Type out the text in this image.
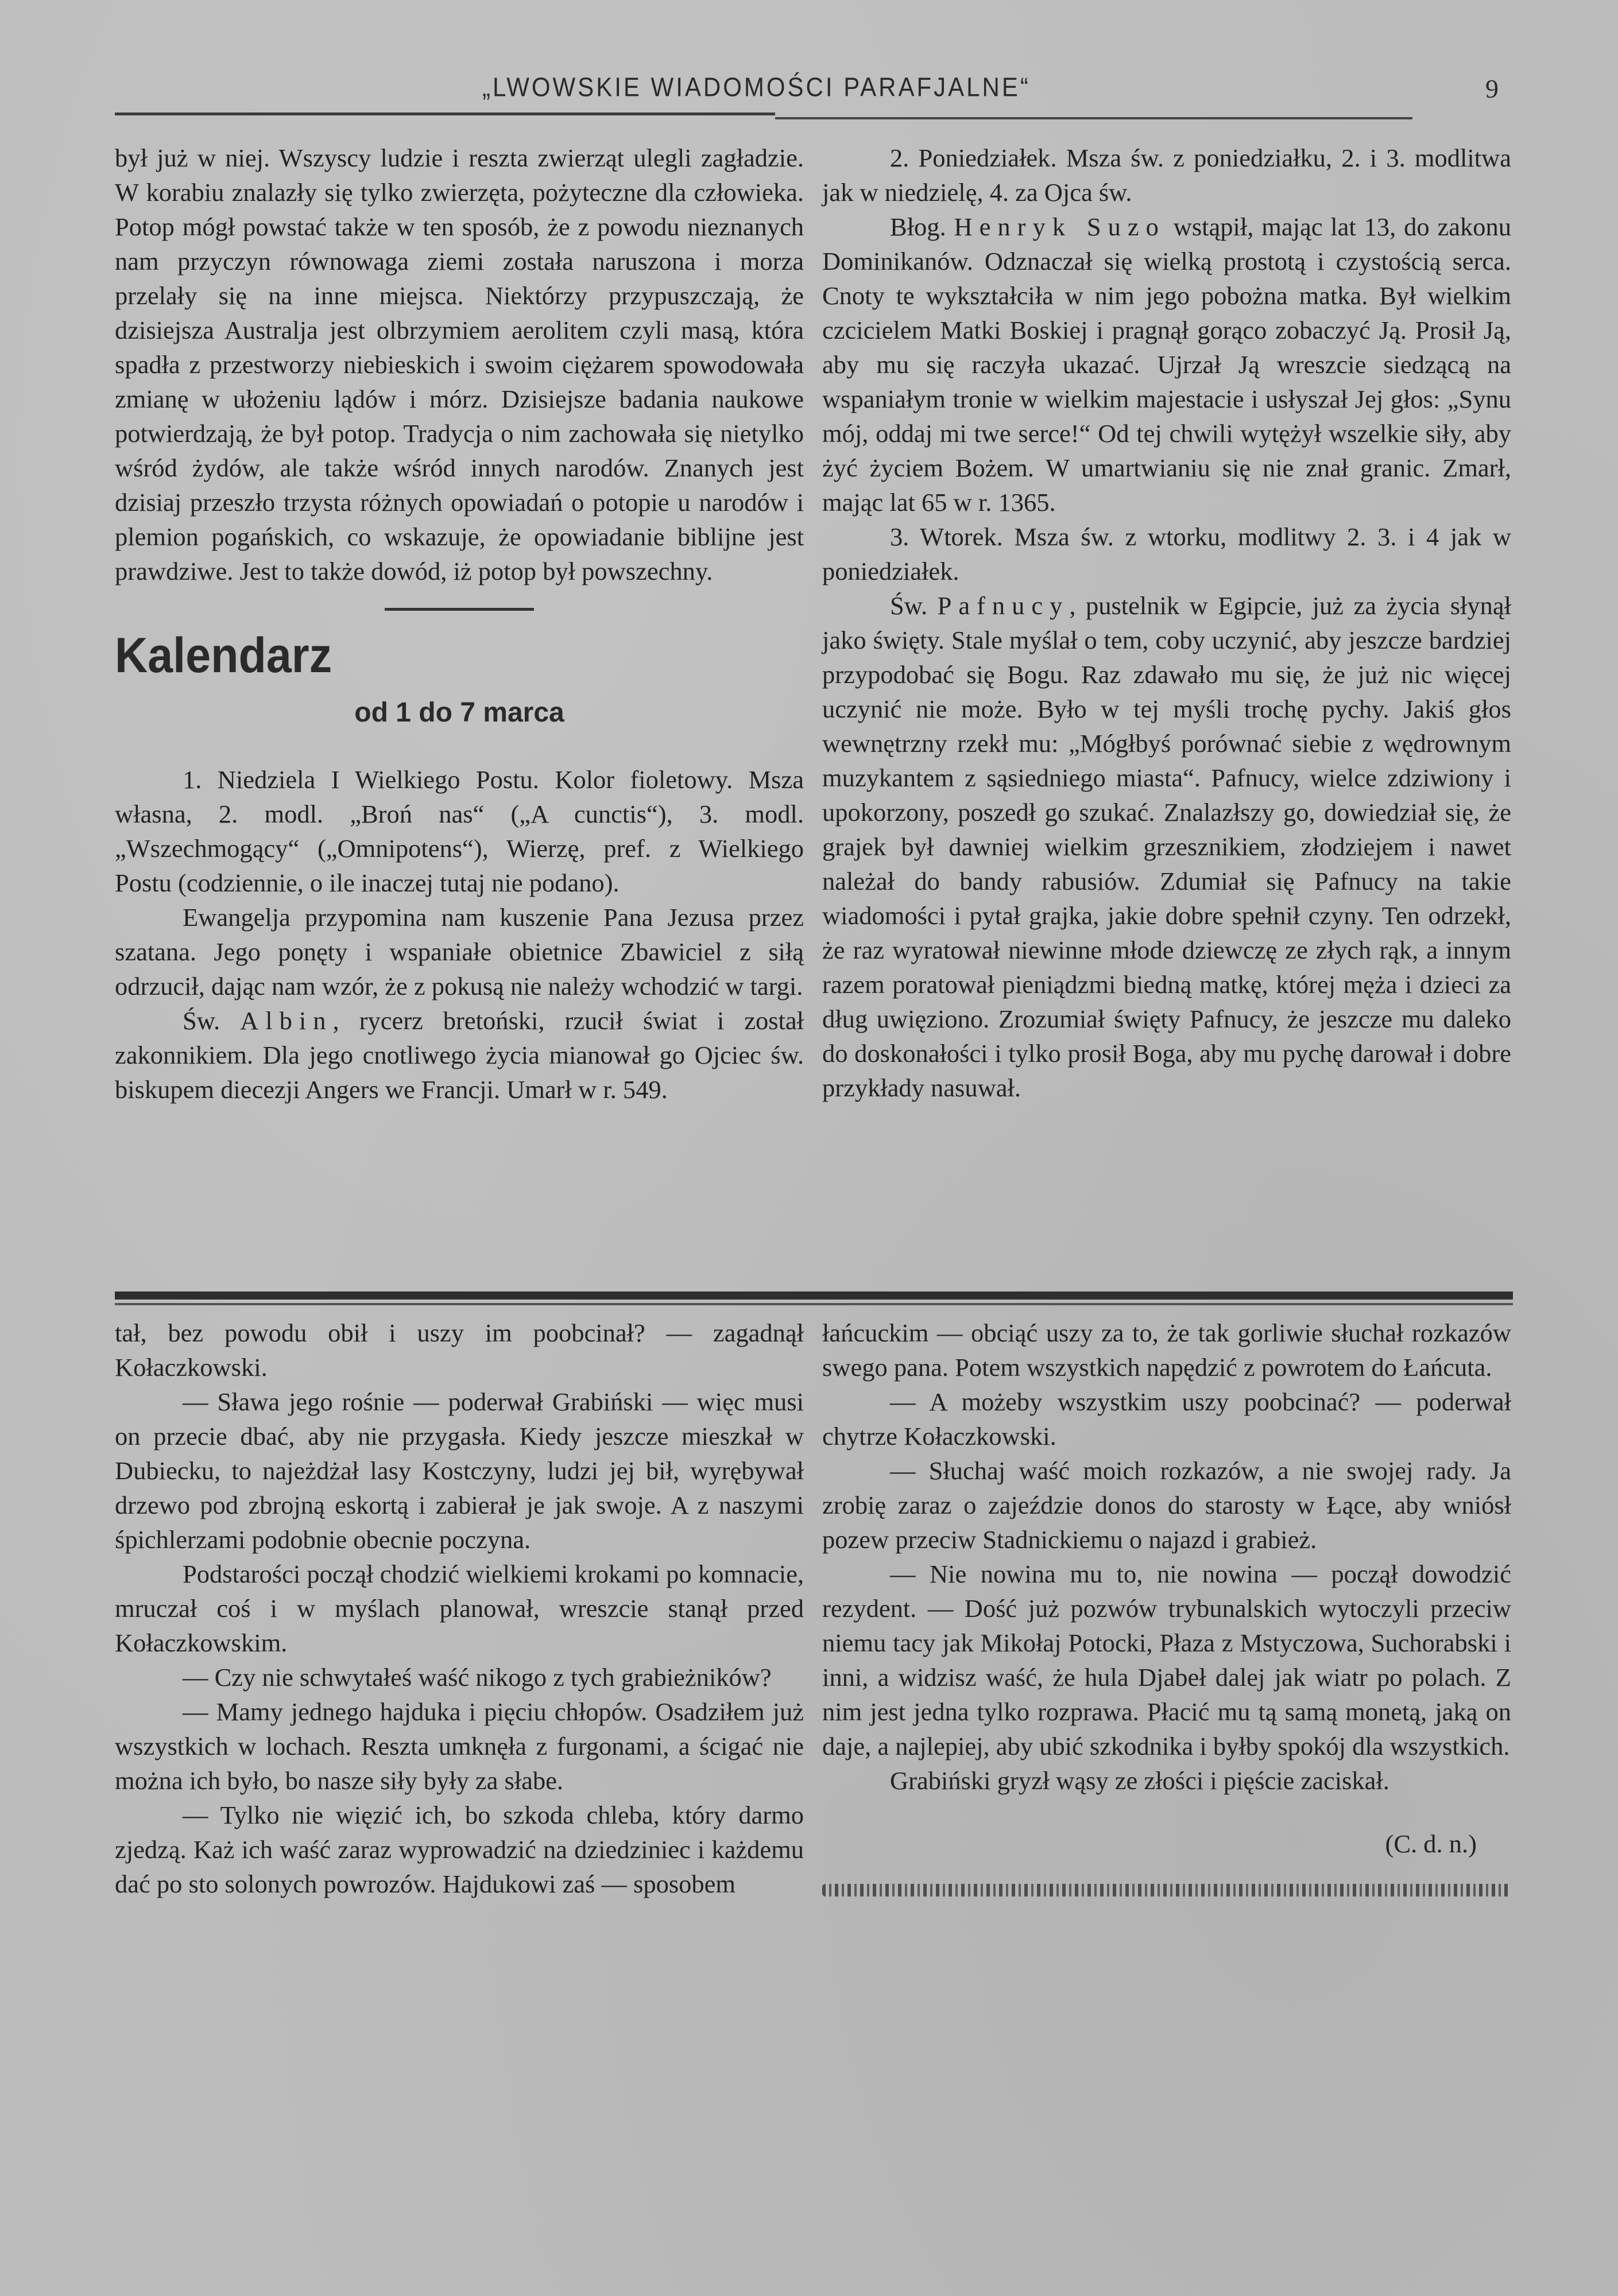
„LWOWSKIE WIADOMOŚCI PARAFJALNE“	9

był już w niej. Wszyscy ludzie i reszta zwierząt ulegli zagładzie. W korabiu znalazły się tylko zwierzęta, pożyteczne dla człowieka. Potop mógł powstać także w ten sposób, że z powodu nieznanych nam przyczyn równowaga ziemi została naruszona i morza przelały się na inne miejsca. Niektórzy przypuszczają, że dzisiejsza Australja jest olbrzymiem aerolitem czyli masą, która spadła z przestworzy niebieskich i swoim ciężarem spowodowała zmianę w ułożeniu lądów i mórz. Dzisiejsze badania naukowe potwierdzają, że był potop. Tradycja o nim zachowała się nietylko wśród żydów, ale także wśród innych narodów. Znanych jest dzisiaj przeszło trzysta różnych opowiadań o potopie u narodów i plemion pogańskich, co wskazuje, że opowiadanie biblijne jest prawdziwe. Jest to także dowód, iż potop był powszechny.

Kalendarz
od 1 do 7 marca

1. Niedziela I Wielkiego Postu. Kolor fioletowy. Msza własna, 2. modl. „Broń nas“ („A cunctis“), 3. modl. „Wszechmogący“ („Omnipotens“), Wierzę, pref. z Wielkiego Postu (codziennie, o ile inaczej tutaj nie podano).

Ewangelja przypomina nam kuszenie Pana Jezusa przez szatana. Jego ponęty i wspaniałe obietnice Zbawiciel z siłą odrzucił, dając nam wzór, że z pokusą nie należy wchodzić w targi.

Św. Albin, rycerz bretoński, rzucił świat i został zakonnikiem. Dla jego cnotliwego życia mianował go Ojciec św. biskupem diecezji Angers we Francji. Umarł w r. 549.

2. Poniedziałek. Msza św. z poniedziałku, 2. i 3. modlitwa jak w niedzielę, 4. za Ojca św.

Błog. Henryk Suzo wstąpił, mając lat 13, do zakonu Dominikanów. Odznaczał się wielką prostotą i czystością serca. Cnoty te wykształciła w nim jego pobożna matka. Był wielkim czcicielem Matki Boskiej i pragnął gorąco zobaczyć Ją. Prosił Ją, aby mu się raczyła ukazać. Ujrzał Ją wreszcie siedzącą na wspaniałym tronie w wielkim majestacie i usłyszał Jej głos: „Synu mój, oddaj mi twe serce!“ Od tej chwili wytężył wszelkie siły, aby żyć życiem Bożem. W umartwianiu się nie znał granic. Zmarł, mając lat 65 w r. 1365.

3. Wtorek. Msza św. z wtorku, modlitwy 2. 3. i 4 jak w poniedziałek.

Św. Pafnucy, pustelnik w Egipcie, już za życia słynął jako święty. Stale myślał o tem, coby uczynić, aby jeszcze bardziej przypodobać się Bogu. Raz zdawało mu się, że już nic więcej uczynić nie może. Było w tej myśli trochę pychy. Jakiś głos wewnętrzny rzekł mu: „Mógłbyś porównać siebie z wędrownym muzykantem z sąsiedniego miasta“. Pafnucy, wielce zdziwiony i upokorzony, poszedł go szukać. Znalazłszy go, dowiedział się, że grajek był dawniej wielkim grzesznikiem, złodziejem i nawet należał do bandy rabusiów. Zdumiał się Pafnucy na takie wiadomości i pytał grajka, jakie dobre spełnił czyny. Ten odrzekł, że raz wyratował niewinne młode dziewczę ze złych rąk, a innym razem poratował pieniądzmi biedną matkę, której męża i dzieci za dług uwięziono. Zrozumiał święty Pafnucy, że jeszcze mu daleko do doskonałości i tylko prosił Boga, aby mu pychę darował i dobre przykłady nasuwał.

tał, bez powodu obił i uszy im poobcinał? — zagadnął Kołaczkowski.

— Sława jego rośnie — poderwał Grabiński — więc musi on przecie dbać, aby nie przygasła. Kiedy jeszcze mieszkał w Dubiecku, to najeżdżał lasy Kostczyny, ludzi jej bił, wyrębywał drzewo pod zbrojną eskortą i zabierał je jak swoje. A z naszymi śpichlerzami podobnie obecnie poczyna.

Podstarości począł chodzić wielkiemi krokami po komnacie, mruczał coś i w myślach planował, wreszcie stanął przed Kołaczkowskim.

— Czy nie schwytałeś waść nikogo z tych grabieżników?

— Mamy jednego hajduka i pięciu chłopów. Osadziłem już wszystkich w lochach. Reszta umknęła z furgonami, a ścigać nie można ich było, bo nasze siły były za słabe.

— Tylko nie więzić ich, bo szkoda chleba, który darmo zjedzą. Każ ich waść zaraz wyprowadzić na dziedziniec i każdemu dać po sto solonych powrozów. Hajdukowi zaś — sposobem

łańcuckim — obciąć uszy za to, że tak gorliwie słuchał rozkazów swego pana. Potem wszystkich napędzić z powrotem do Łańcuta.

— A możeby wszystkim uszy poobcinać? — poderwał chytrze Kołaczkowski.

— Słuchaj waść moich rozkazów, a nie swojej rady. Ja zrobię zaraz o zajeździe donos do starosty w Łące, aby wniósł pozew przeciw Stadnickiemu o najazd i grabież.

— Nie nowina mu to, nie nowina — począł dowodzić rezydent. — Dość już pozwów trybunalskich wytoczyli przeciw niemu tacy jak Mikołaj Potocki, Płaza z Mstyczowa, Suchorabski i inni, a widzisz waść, że hula Djabeł dalej jak wiatr po polach. Z nim jest jedna tylko rozprawa. Płacić mu tą samą monetą, jaką on daje, a najlepiej, aby ubić szkodnika i byłby spokój dla wszystkich.

Grabiński gryzł wąsy ze złości i pięście zaciskał.

(C. d. n.)
